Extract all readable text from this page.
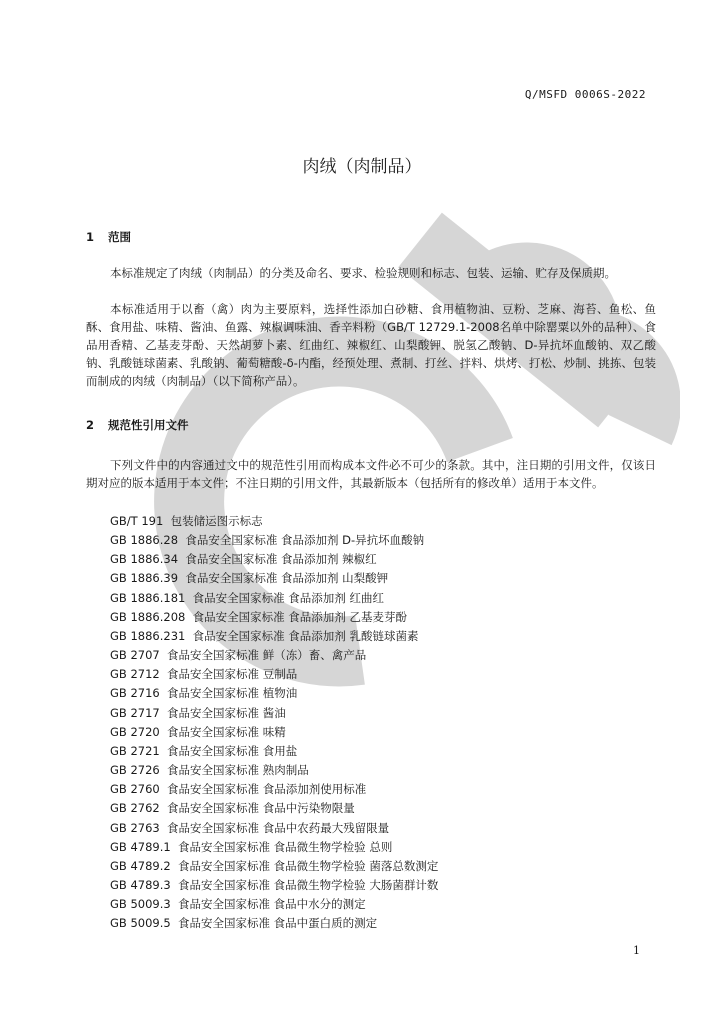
Q/MSFD 0006S-2022
肉绒（肉制品）
1 范围
本标准规定了肉绒（肉制品）的分类及命名、要求、检验规则和标志、包装、运输、贮存及保质期。
本标准适用于以畜（禽）肉为主要原料，选择性添加白砂糖、食用植物油、豆粉、芝麻、海苔、鱼松、鱼酥、食用盐、味精、酱油、鱼露、辣椒调味油、香辛料粉（GB/T 12729.1-2008名单中除罂粟以外的品种）、食品用香精、乙基麦芽酚、天然胡萝卜素、红曲红、辣椒红、山梨酸钾、脱氢乙酸钠、D-异抗坏血酸钠、双乙酸钠、乳酸链球菌素、乳酸钠、葡萄糖酸-δ-内酯，经预处理、煮制、打丝、拌料、烘烤、打松、炒制、挑拣、包装而制成的肉绒（肉制品）（以下简称产品）。
2 规范性引用文件
下列文件中的内容通过文中的规范性引用而构成本文件必不可少的条款。其中，注日期的引用文件，仅该日期对应的版本适用于本文件；不注日期的引用文件，其最新版本（包括所有的修改单）适用于本文件。
GB/T 191  包装储运图示标志
GB 1886.28  食品安全国家标准 食品添加剂 D-异抗坏血酸钠
GB 1886.34  食品安全国家标准 食品添加剂 辣椒红
GB 1886.39  食品安全国家标准 食品添加剂 山梨酸钾
GB 1886.181  食品安全国家标准 食品添加剂 红曲红
GB 1886.208  食品安全国家标准 食品添加剂 乙基麦芽酚
GB 1886.231  食品安全国家标准 食品添加剂 乳酸链球菌素
GB 2707  食品安全国家标准 鲜（冻）畜、禽产品
GB 2712  食品安全国家标准 豆制品
GB 2716  食品安全国家标准 植物油
GB 2717  食品安全国家标准 酱油
GB 2720  食品安全国家标准 味精
GB 2721  食品安全国家标准 食用盐
GB 2726  食品安全国家标准 熟肉制品
GB 2760  食品安全国家标准 食品添加剂使用标准
GB 2762  食品安全国家标准 食品中污染物限量
GB 2763  食品安全国家标准 食品中农药最大残留限量
GB 4789.1  食品安全国家标准 食品微生物学检验 总则
GB 4789.2  食品安全国家标准 食品微生物学检验 菌落总数测定
GB 4789.3  食品安全国家标准 食品微生物学检验 大肠菌群计数
GB 5009.3  食品安全国家标准 食品中水分的测定
GB 5009.5  食品安全国家标准 食品中蛋白质的测定
1
